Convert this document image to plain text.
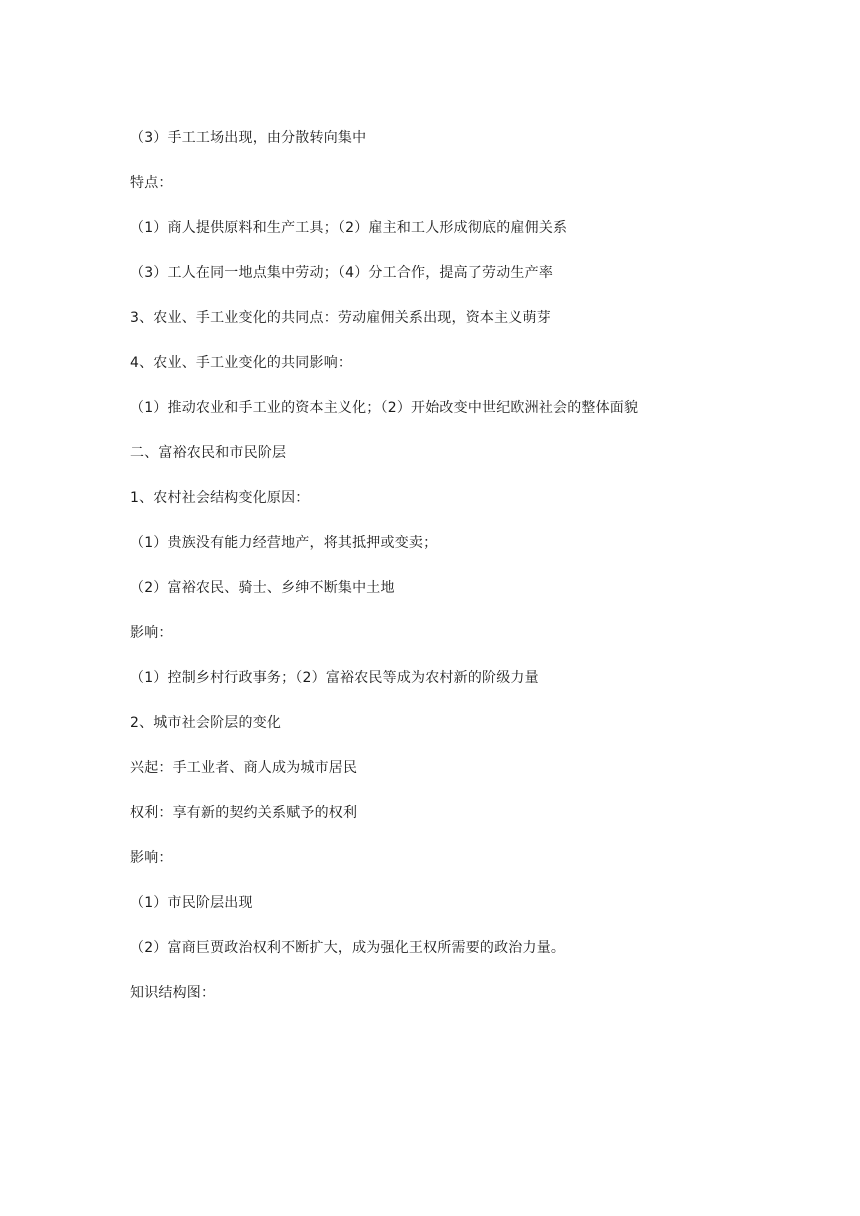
（3）手工工场出现，由分散转向集中
特点：
（1）商人提供原料和生产工具；（2）雇主和工人形成彻底的雇佣关系
（3）工人在同一地点集中劳动；（4）分工合作，提高了劳动生产率
3、农业、手工业变化的共同点：劳动雇佣关系出现，资本主义萌芽
4、农业、手工业变化的共同影响：
（1）推动农业和手工业的资本主义化；（2）开始改变中世纪欧洲社会的整体面貌
二、富裕农民和市民阶层
1、农村社会结构变化原因：
（1）贵族没有能力经营地产，将其抵押或变卖；
（2）富裕农民、骑士、乡绅不断集中土地
影响：
（1）控制乡村行政事务；（2）富裕农民等成为农村新的阶级力量
2、城市社会阶层的变化
兴起：手工业者、商人成为城市居民
权利：享有新的契约关系赋予的权利
影响：
（1）市民阶层出现
（2）富商巨贾政治权利不断扩大，成为强化王权所需要的政治力量。
知识结构图：
